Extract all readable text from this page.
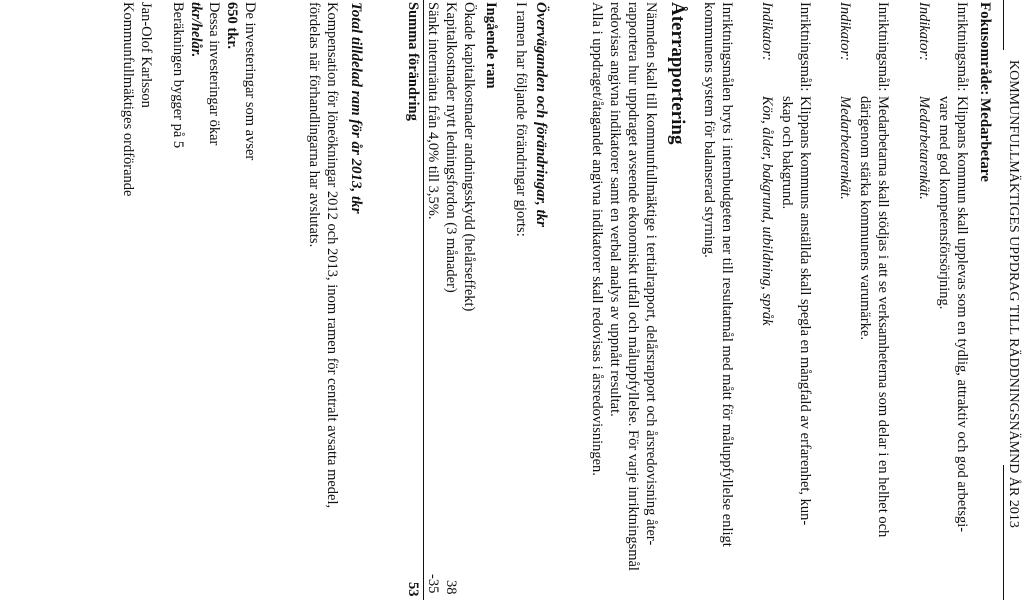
KOMMUNFULLMÄKTIGES UPPDRAG TILL RÄDDNINGSNÄMND ÅR 2013
Fokusområde:
Medarbetare
Inriktningsmål:
Klippans kommun skall upplevas som en tydlig, attraktiv och god arbetsgi-
vare med god kompetensförsörjning.
Indikator:
Medarbetarenkät.
Inriktningsmål:
Medarbetarna skall stödjas i att se verksamheterna som delar i en helhet och
därigenom stärka kommunens varumärke.
Indikator:
Medarbetarenkät.
Inriktningsmål:
Klippans kommuns anställda skall spegla en mångfald av erfarenhet, kun-
skap och bakgrund.
Indikator:
Kön, ålder, bakgrund, utbildning, språk
Inriktningsmålen bryts i internbudgeten ner till resultatmål med mått för måluppfyllelse enligt
kommunens system för balanserad styrning.
Återrapportering
Nämnden skall till kommunfullmäktige i tertialrapport, delårsrapport och årsredovisning åter-
rapportera hur uppdraget avseende ekonomiskt utfall och måluppfyllelse. För varje inriktningsmål
redovisas angivna indikatorer samt en verbal analys av uppnått resultat.
Alla i uppdraget/åtagandet angivna indikatorer skall redovisas i årsredovisningen.
Överväganden och förändringar, tkr
I ramen har följande förändringar gjorts:
Ingående ram
Ökade kapitalkostnader andningsskydd (helårseffekt)
Kapitalkostnader nytt ledningsfordon (3 månader)
38
Sänkt internränta från 4,0% till 3,5%.
-35
Summa förändring
53
Total tilldelad ram för år 2013, tkr
Kompensation för löneökningar 2012 och 2013, inom ramen för centralt avsatta medel,
fördelas när förhandlingarna har avslutats.
De investeringar som avser
650 tkr.
Dessa investeringar ökar
tkr/helår.
Beräkningen bygger på 5
Jan-Olof Karlsson
Kommunfullmäktiges ordförande
